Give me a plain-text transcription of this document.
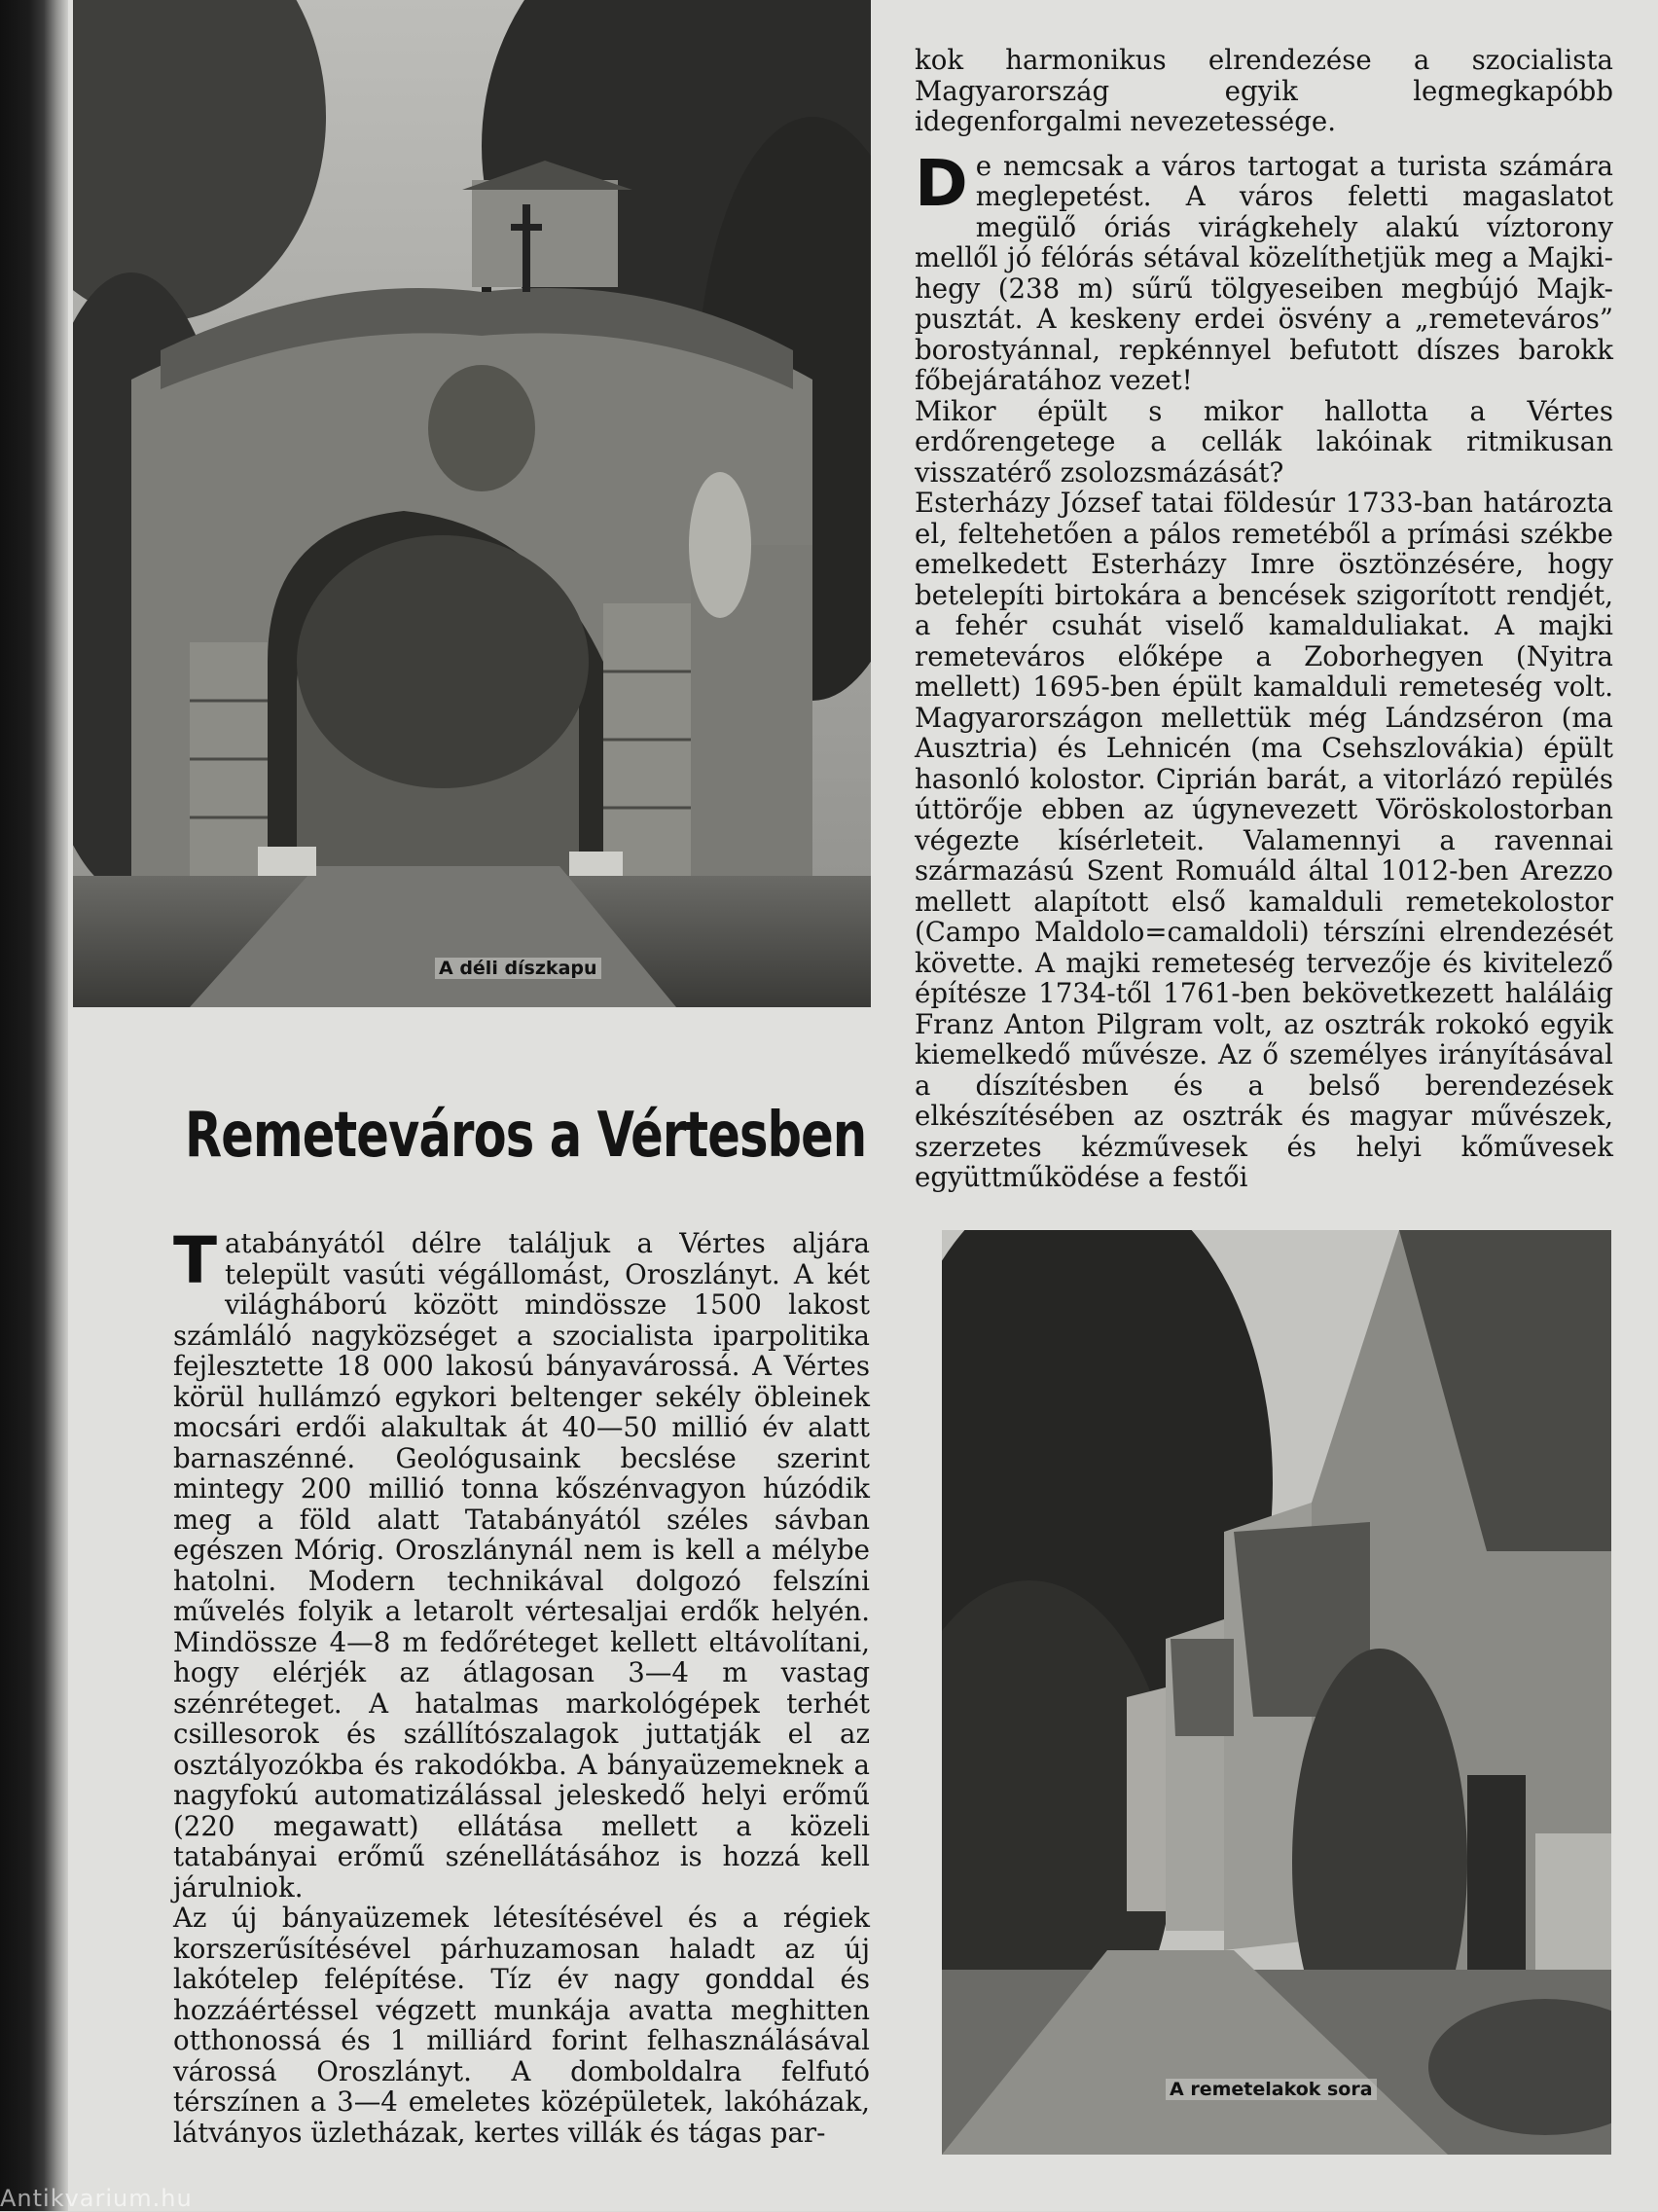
A déli díszkapu

kok harmonikus elrendezése a szocialista Magyarország egyik legmegkapóbb idegenforgalmi nevezetessége.

De nemcsak a város tartogat a turista számára meglepetést. A város feletti magaslatot megülő óriás virágkehely alakú víztorony mellől jó félórás sétával közelíthetjük meg a Majki-hegy (238 m) sűrű tölgyeseiben megbújó Majk-pusztát. A keskeny erdei ösvény a „remeteváros” borostyánnal, repkénnyel befutott díszes barokk főbejáratához vezet!

Mikor épült s mikor hallotta a Vértes erdőrengetege a cellák lakóinak ritmikusan visszatérő zsolozsmázását?

Esterházy József tatai földesúr 1733-ban határozta el, feltehetően a pálos remetéből a prímási székbe emelkedett Esterházy Imre ösztönzésére, hogy betelepíti birtokára a bencések szigorított rendjét, a fehér csuhát viselő kamalduliakat. A majki remeteváros előképe a Zoborhegyen (Nyitra mellett) 1695-ben épült kamalduli remeteség volt. Magyarországon mellettük még Lándzséron (ma Ausztria) és Lehnicén (ma Csehszlovákia) épült hasonló kolostor. Ciprián barát, a vitorlázó repülés úttörője ebben az úgynevezett Vöröskolostorban végezte kísérleteit. Valamennyi a ravennai származású Szent Romuáld által 1012-ben Arezzo mellett alapított első kamalduli remetekolostor (Campo Maldolo=camaldoli) térszíni elrendezését követte. A majki remeteség tervezője és kivitelező építésze 1734-től 1761-ben bekövetkezett haláláig Franz Anton Pilgram volt, az osztrák rokokó egyik kiemelkedő művésze. Az ő személyes irányításával a díszítésben és a belső berendezések elkészítésében az osztrák és magyar művészek, szerzetes kézművesek és helyi kőművesek együttműködése a festői

Remeteváros a Vértesben

Tatabányától délre találjuk a Vértes aljára települt vasúti végállomást, Oroszlányt. A két világháború között mindössze 1500 lakost számláló nagyközséget a szocialista iparpolitika fejlesztette 18 000 lakosú bányavárossá. A Vértes körül hullámzó egykori beltenger sekély öbleinek mocsári erdői alakultak át 40—50 millió év alatt barnaszénné. Geológusaink becslése szerint mintegy 200 millió tonna kőszénvagyon húzódik meg a föld alatt Tatabányától széles sávban egészen Mórig. Oroszlánynál nem is kell a mélybe hatolni. Modern technikával dolgozó felszíni művelés folyik a letarolt vértesaljai erdők helyén. Mindössze 4—8 m fedőréteget kellett eltávolítani, hogy elérjék az átlagosan 3—4 m vastag szénréteget. A hatalmas markológépek terhét csillesorok és szállítószalagok juttatják el az osztályozókba és rakodókba. A bányaüzemeknek a nagyfokú automatizálással jeleskedő helyi erőmű (220 megawatt) ellátása mellett a közeli tatabányai erőmű szénellátásához is hozzá kell járulniok.

Az új bányaüzemek létesítésével és a régiek korszerűsítésével párhuzamosan haladt az új lakótelep felépítése. Tíz év nagy gonddal és hozzáértéssel végzett munkája avatta meghitten otthonossá és 1 milliárd forint felhasználásával várossá Oroszlányt. A domboldalra felfutó térszínen a 3—4 emeletes középületek, lakóházak, látványos üzletházak, kertes villák és tágas par-

A remetelakok sora
Antikvarium.hu
